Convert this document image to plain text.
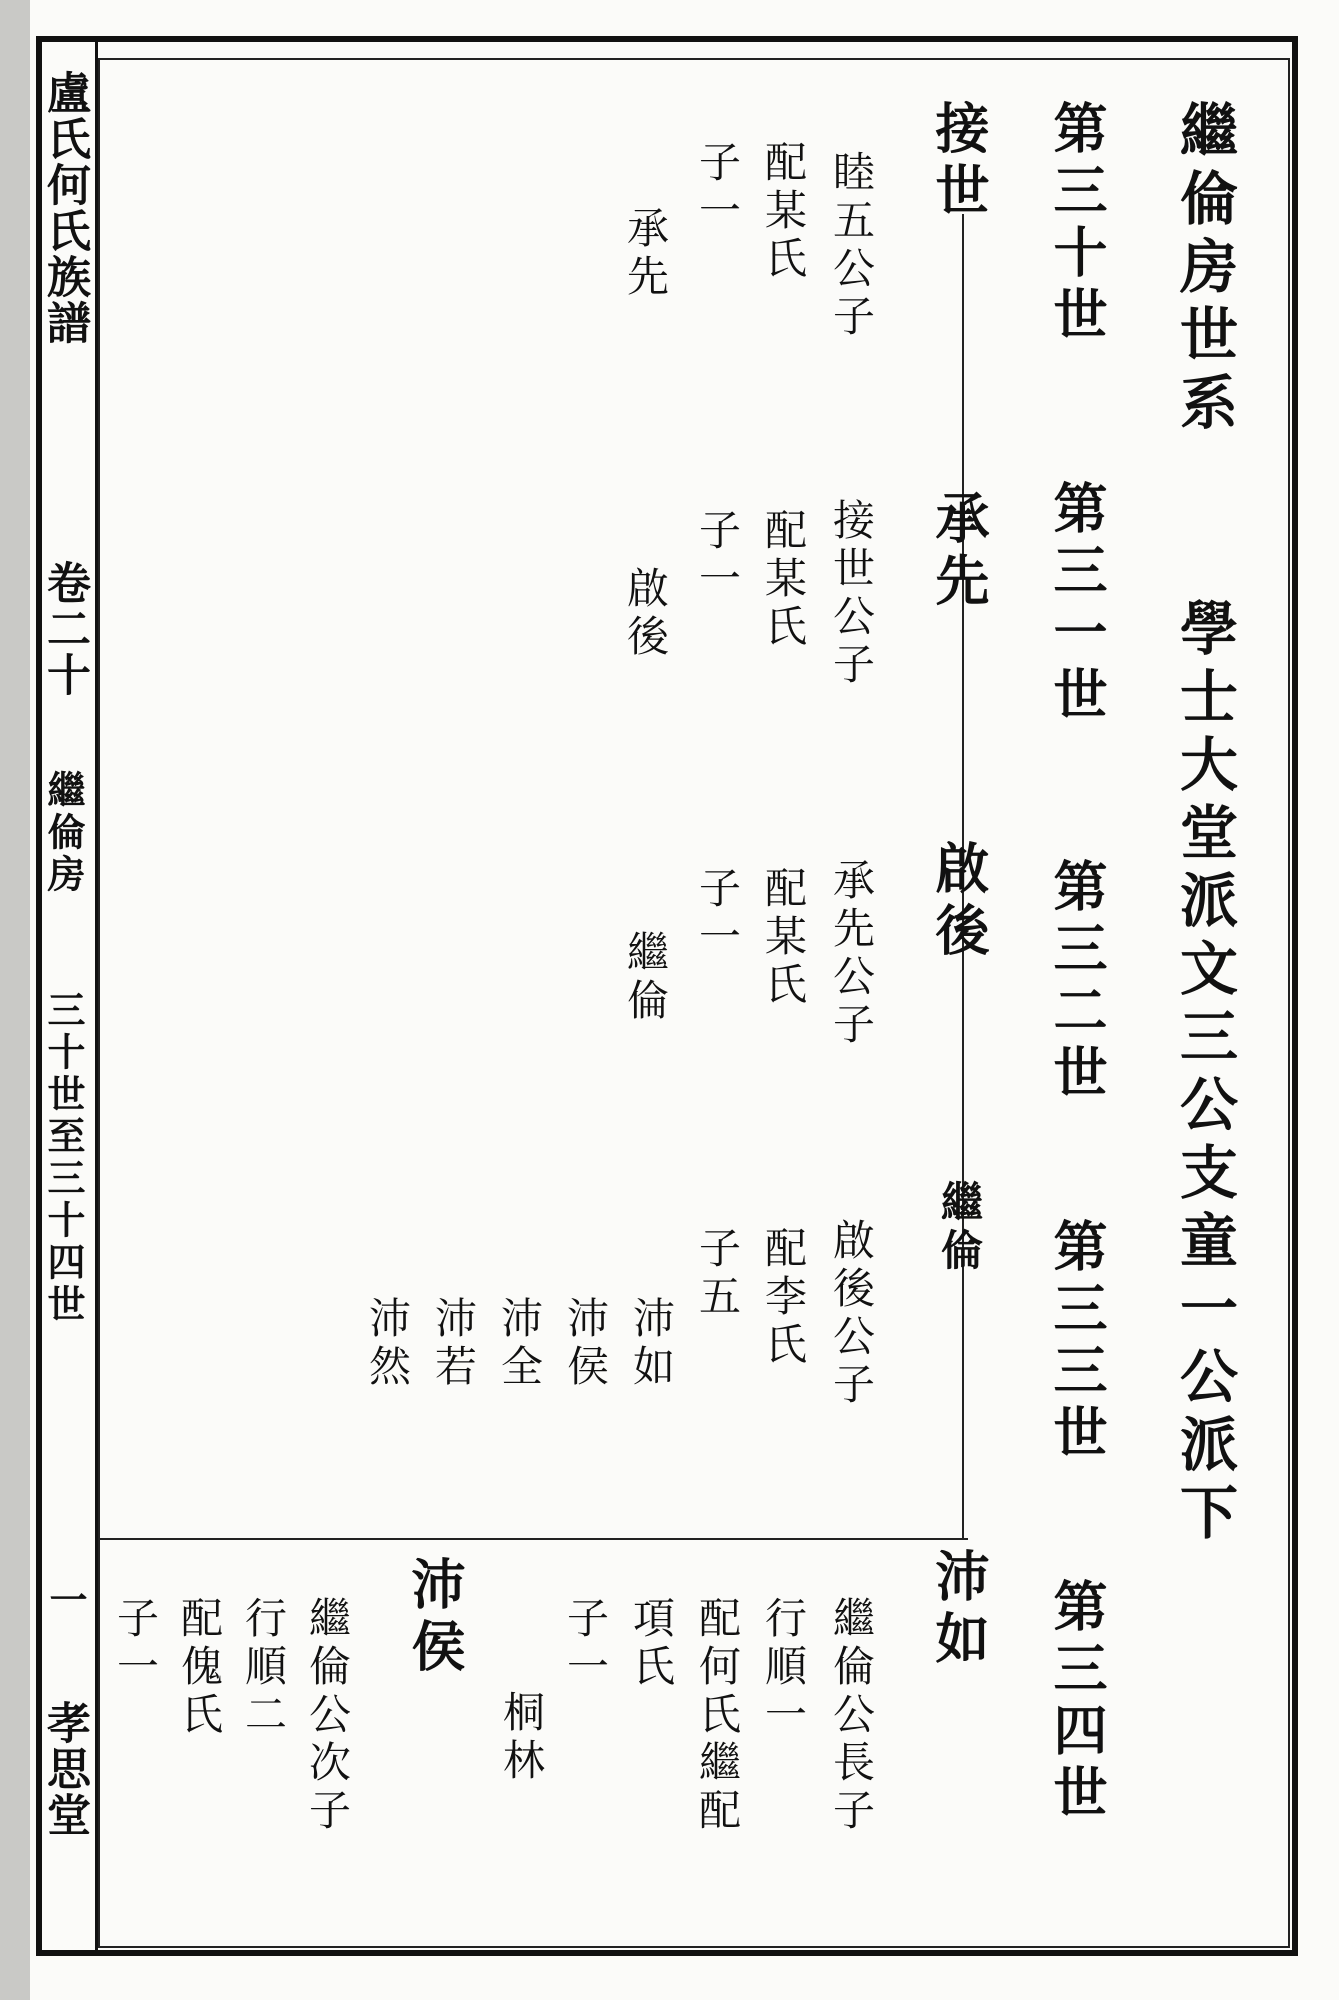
盧氏何氏族譜
卷二十
繼倫房
三十世至三十四世
一
孝思堂
繼倫房世系
學士大堂派文三公支童一公派下
第三十世
第三一世
第三二世
第三三世
第三四世
接世
承先
啟後
繼倫
沛如
睦五公子
配某氏
子一
承先
接世公子
配某氏
子一
啟後
承先公子
配某氏
子一
繼倫
啟後公子
配李氏
子五
沛如
沛侯
沛全
沛若
沛然
繼倫公長子
行順一
配何氏繼配
項氏
子一
桐林
沛侯
繼倫公次子
行順二
配傀氏
子一
